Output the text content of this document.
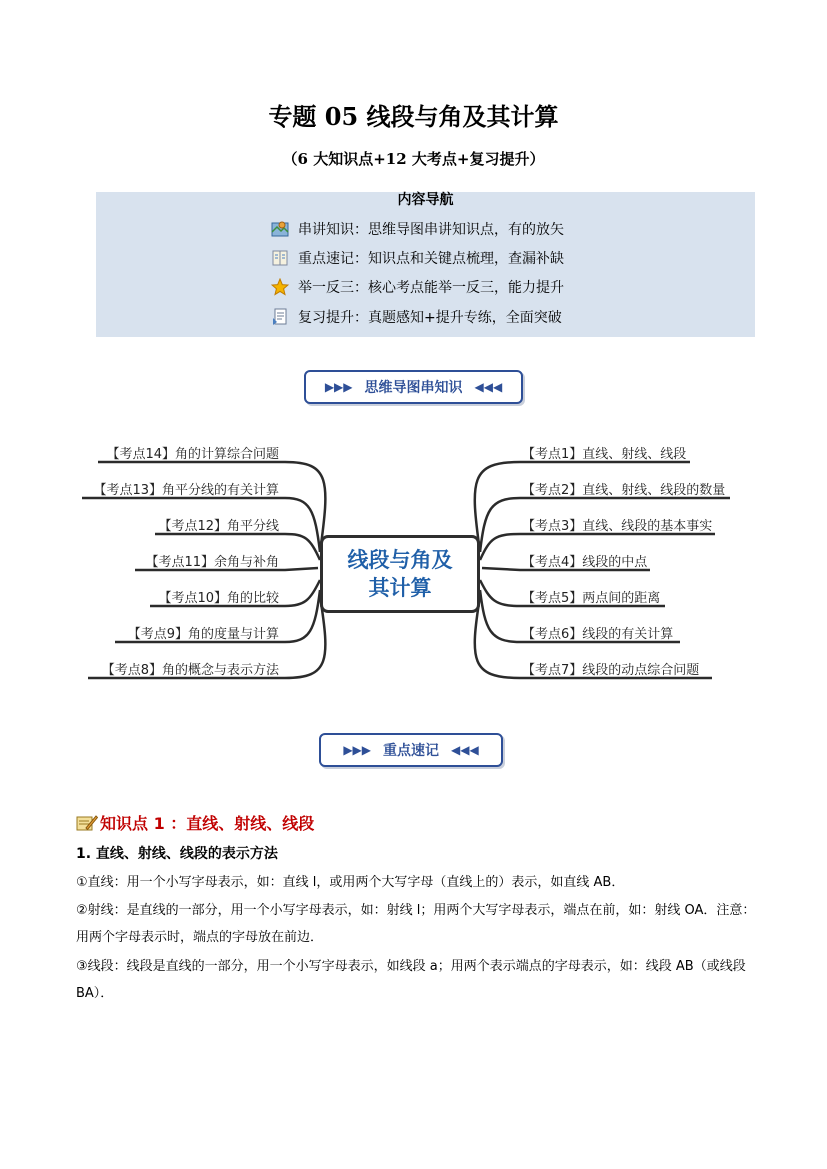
专题 05 线段与角及其计算
（6 大知识点+12 大考点+复习提升）
内容导航
串讲知识：思维导图串讲知识点，有的放矢
重点速记：知识点和关键点梳理，查漏补缺
举一反三：核心考点能举一反三，能力提升
复习提升：真题感知+提升专练，全面突破
▶▶▶ 思维导图串知识 ◀◀◀
线段与角及
其计算
【考点1】直线、射线、线段
【考点2】直线、射线、线段的数量
【考点3】直线、线段的基本事实
【考点4】线段的中点
【考点5】两点间的距离
【考点6】线段的有关计算
【考点7】线段的动点综合问题
【考点14】角的计算综合问题
【考点13】角平分线的有关计算
【考点12】角平分线
【考点11】余角与补角
【考点10】角的比较
【考点9】角的度量与计算
【考点8】角的概念与表示方法
▶▶▶ 重点速记 ◀◀◀
知识点 1 ：直线、射线、线段
1. 直线、射线、线段的表示方法
①直线：用一个小写字母表示，如：直线 l，或用两个大写字母（直线上的）表示，如直线 AB．
②射线：是直线的一部分，用一个小写字母表示，如：射线 l；用两个大写字母表示，端点在前，如：射线 OA．注意：用两个字母表示时，端点的字母放在前边．
③线段：线段是直线的一部分，用一个小写字母表示，如线段 a；用两个表示端点的字母表示，如：线段 AB（或线段 BA）．
